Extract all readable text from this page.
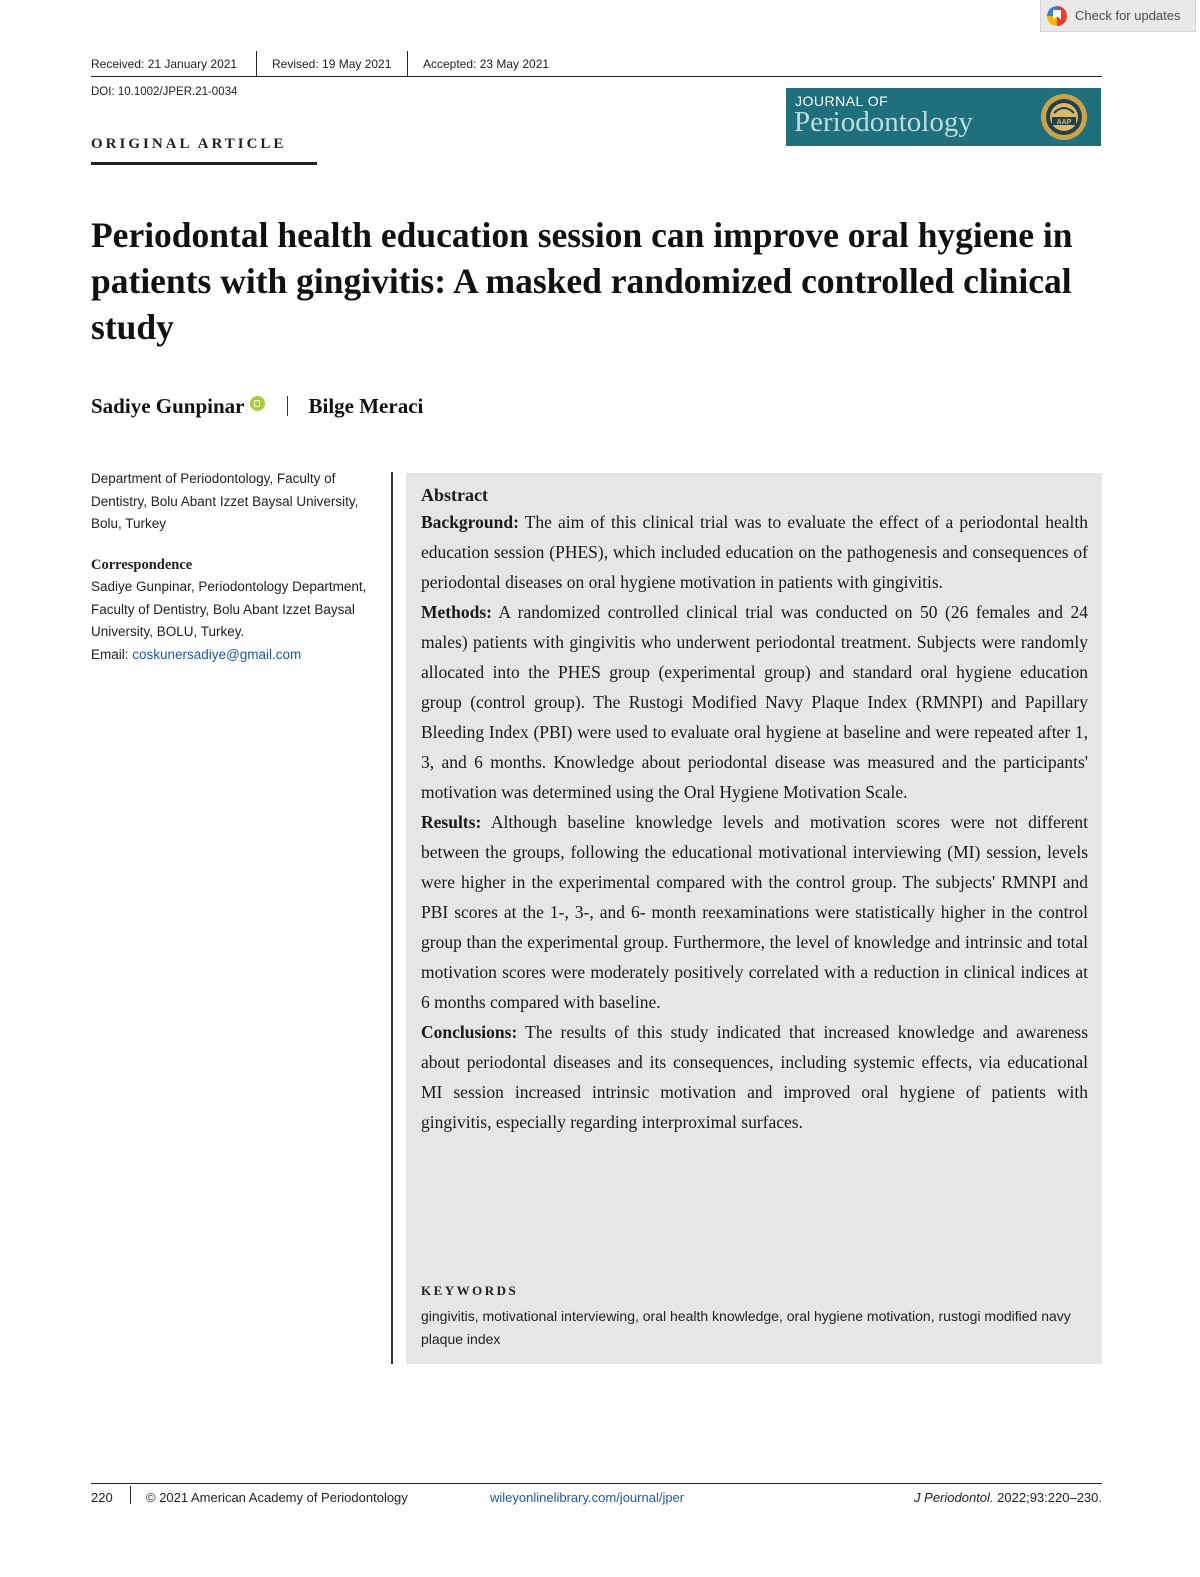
Check for updates
Received: 21 January 2021	Revised: 19 May 2021	Accepted: 23 May 2021
DOI: 10.1002/JPER.21-0034
ORIGINAL ARTICLE
JOURNAL OF
Periodontology	AAP
Periodontal health education session can improve oral hygiene in patients with gingivitis: A masked randomized controlled clinical study
Sadiye Gunpinar	Bilge Meraci
Department of Periodontology, Faculty of Dentistry, Bolu Abant Izzet Baysal University, Bolu, Turkey
Correspondence
Sadiye Gunpinar, Periodontology Department, Faculty of Dentistry, Bolu Abant Izzet Baysal University, BOLU, Turkey.
Email: coskunersadiye@gmail.com
Abstract

Background: The aim of this clinical trial was to evaluate the effect of a periodontal health education session (PHES), which included education on the pathogenesis and consequences of periodontal diseases on oral hygiene motivation in patients with gingivitis.

Methods: A randomized controlled clinical trial was conducted on 50 (26 females and 24 males) patients with gingivitis who underwent periodontal treatment. Subjects were randomly allocated into the PHES group (experimental group) and standard oral hygiene education group (control group). The Rustogi Modified Navy Plaque Index (RMNPI) and Papillary Bleeding Index (PBI) were used to evaluate oral hygiene at baseline and were repeated after 1, 3, and 6 months. Knowledge about periodontal disease was measured and the participants' motivation was determined using the Oral Hygiene Motivation Scale.

Results: Although baseline knowledge levels and motivation scores were not different between the groups, following the educational motivational interviewing (MI) session, levels were higher in the experimental compared with the control group. The subjects' RMNPI and PBI scores at the 1-, 3-, and 6- month reexaminations were statistically higher in the control group than the experimental group. Furthermore, the level of knowledge and intrinsic and total motivation scores were moderately positively correlated with a reduction in clinical indices at 6 months compared with baseline.

Conclusions: The results of this study indicated that increased knowledge and awareness about periodontal diseases and its consequences, including systemic effects, via educational MI session increased intrinsic motivation and improved oral hygiene of patients with gingivitis, especially regarding interproximal surfaces.

KEYWORDS
gingivitis, motivational interviewing, oral health knowledge, oral hygiene motivation, rustogi modified navy plaque index
220	© 2021 American Academy of Periodontology	wileyonlinelibrary.com/journal/jper	J Periodontol. 2022;93:220–230.
